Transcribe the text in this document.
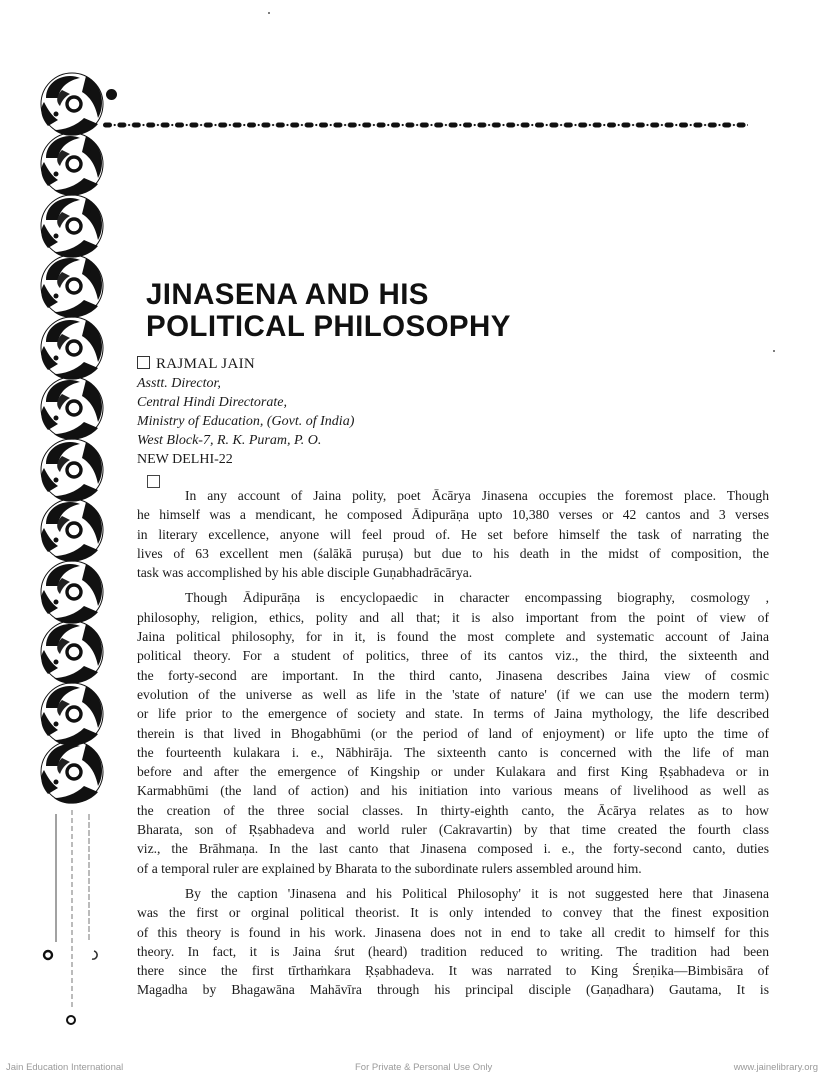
JINASENA AND HIS
POLITICAL PHILOSOPHY
RAJMAL JAIN
Asstt. Director,
Central Hindi Directorate,
Ministry of Education, (Govt. of India)
West Block-7, R. K. Puram, P. O.
NEW DELHI-22

In any account of Jaina polity, poet Ācārya Jinasena occupies the foremost place. Though
he himself was a mendicant, he composed Ādipurāṇa upto 10,380 verses or 42 cantos and 3 verses
in literary excellence, anyone will feel proud of. He set before himself the task of narrating the
lives of 63 excellent men (śalākā puruṣa) but due to his death in the midst of composition, the
task was accomplished by his able disciple Guṇabhadrācārya.

Though Ādipurāṇa is encyclopaedic in character encompassing biography, cosmology ,
philosophy, religion, ethics, polity and all that; it is also important from the point of view of
Jaina political philosophy, for in it, is found the most complete and systematic account of Jaina
political theory. For a student of politics, three of its cantos viz., the third, the sixteenth and
the forty-second are important. In the third canto, Jinasena describes Jaina view of cosmic
evolution of the universe as well as life in the 'state of nature' (if we can use the modern term)
or life prior to the emergence of society and state. In terms of Jaina mythology, the life described
therein is that lived in Bhogabhūmi (or the period of land of enjoyment) or life upto the time of
the fourteenth kulakara i. e., Nābhirāja. The sixteenth canto is concerned with the life of man
before and after the emergence of Kingship or under Kulakara and first King Ṛṣabhadeva or in
Karmabhūmi (the land of action) and his initiation into various means of livelihood as well as
the creation of the three social classes. In thirty-eighth canto, the Ācārya relates as to how
Bharata, son of Ṛṣabhadeva and world ruler (Cakravartin) by that time created the fourth class
viz., the Brāhmaṇa. In the last canto that Jinasena composed i. e., the forty-second canto, duties
of a temporal ruler are explained by Bharata to the subordinate rulers assembled around him.

By the caption 'Jinasena and his Political Philosophy' it is not suggested here that Jinasena
was the first or orginal political theorist. It is only intended to convey that the finest exposition
of this theory is found in his work. Jinasena does not in end to take all credit to himself for this
theory. In fact, it is Jaina śrut (heard) tradition reduced to writing. The tradition had been
there since the first tīrthaṁkara Ṛṣabhadeva. It was narrated to King Śreṇika—Bimbisāra of
Magadha by Bhagawāna Mahāvīra through his principal disciple (Gaṇadhara) Gautama, It is

Jain Education International	For Private & Personal Use Only	www.jainelibrary.org
